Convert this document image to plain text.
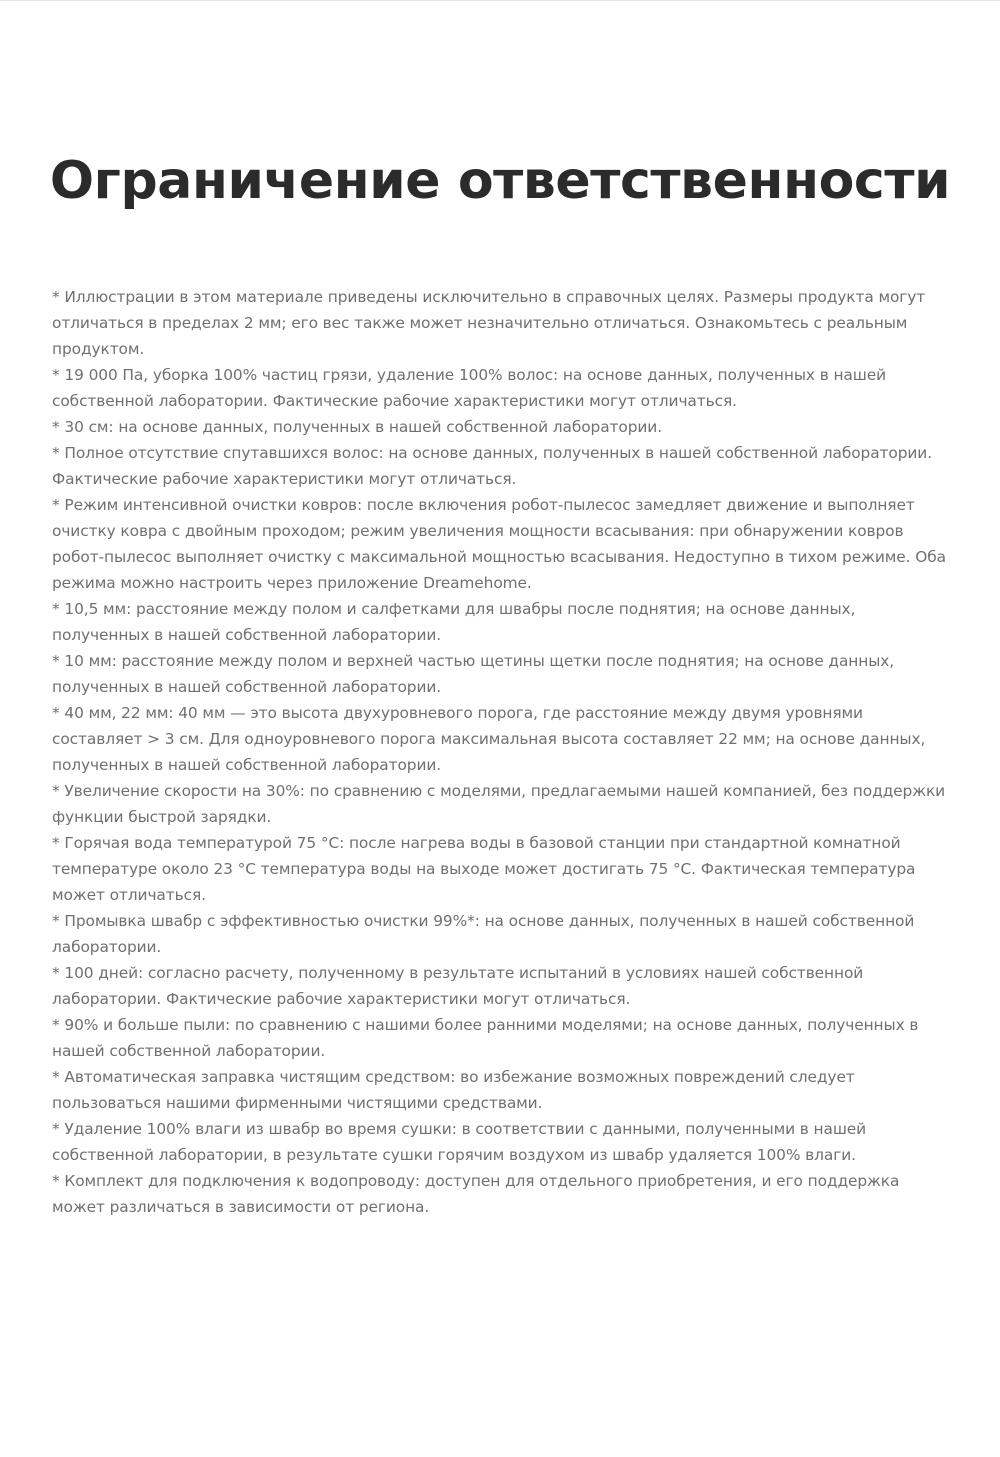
Ограничение ответственности
* Иллюстрации в этом материале приведены исключительно в справочных целях. Размеры продукта могут отличаться в пределах 2 мм; его вес также может незначительно отличаться. Ознакомьтесь с реальным продуктом.
* 19 000 Па, уборка 100% частиц грязи, удаление 100% волос: на основе данных, полученных в нашей собственной лаборатории. Фактические рабочие характеристики могут отличаться.
* 30 см: на основе данных, полученных в нашей собственной лаборатории.
* Полное отсутствие спутавшихся волос: на основе данных, полученных в нашей собственной лаборатории. Фактические рабочие характеристики могут отличаться.
* Режим интенсивной очистки ковров: после включения робот-пылесос замедляет движение и выполняет очистку ковра с двойным проходом; режим увеличения мощности всасывания: при обнаружении ковров робот-пылесос выполняет очистку с максимальной мощностью всасывания. Недоступно в тихом режиме. Оба режима можно настроить через приложение Dreamehome.
* 10,5 мм: расстояние между полом и салфетками для швабры после поднятия; на основе данных, полученных в нашей собственной лаборатории.
* 10 мм: расстояние между полом и верхней частью щетины щетки после поднятия; на основе данных, полученных в нашей собственной лаборатории.
* 40 мм, 22 мм: 40 мм — это высота двухуровневого порога, где расстояние между двумя уровнями составляет > 3 см. Для одноуровневого порога максимальная высота составляет 22 мм; на основе данных, полученных в нашей собственной лаборатории.
* Увеличение скорости на 30%: по сравнению с моделями, предлагаемыми нашей компанией, без поддержки функции быстрой зарядки.
* Горячая вода температурой 75 °C: после нагрева воды в базовой станции при стандартной комнатной температуре около 23 °C температура воды на выходе может достигать 75 °C. Фактическая температура может отличаться.
* Промывка швабр с эффективностью очистки 99%*: на основе данных, полученных в нашей собственной лаборатории.
* 100 дней: согласно расчету, полученному в результате испытаний в условиях нашей собственной лаборатории. Фактические рабочие характеристики могут отличаться.
* 90% и больше пыли: по сравнению с нашими более ранними моделями; на основе данных, полученных в нашей собственной лаборатории.
* Автоматическая заправка чистящим средством: во избежание возможных повреждений следует пользоваться нашими фирменными чистящими средствами.
* Удаление 100% влаги из швабр во время сушки: в соответствии с данными, полученными в нашей собственной лаборатории, в результате сушки горячим воздухом из швабр удаляется 100% влаги.
* Комплект для подключения к водопроводу: доступен для отдельного приобретения, и его поддержка может различаться в зависимости от региона.
